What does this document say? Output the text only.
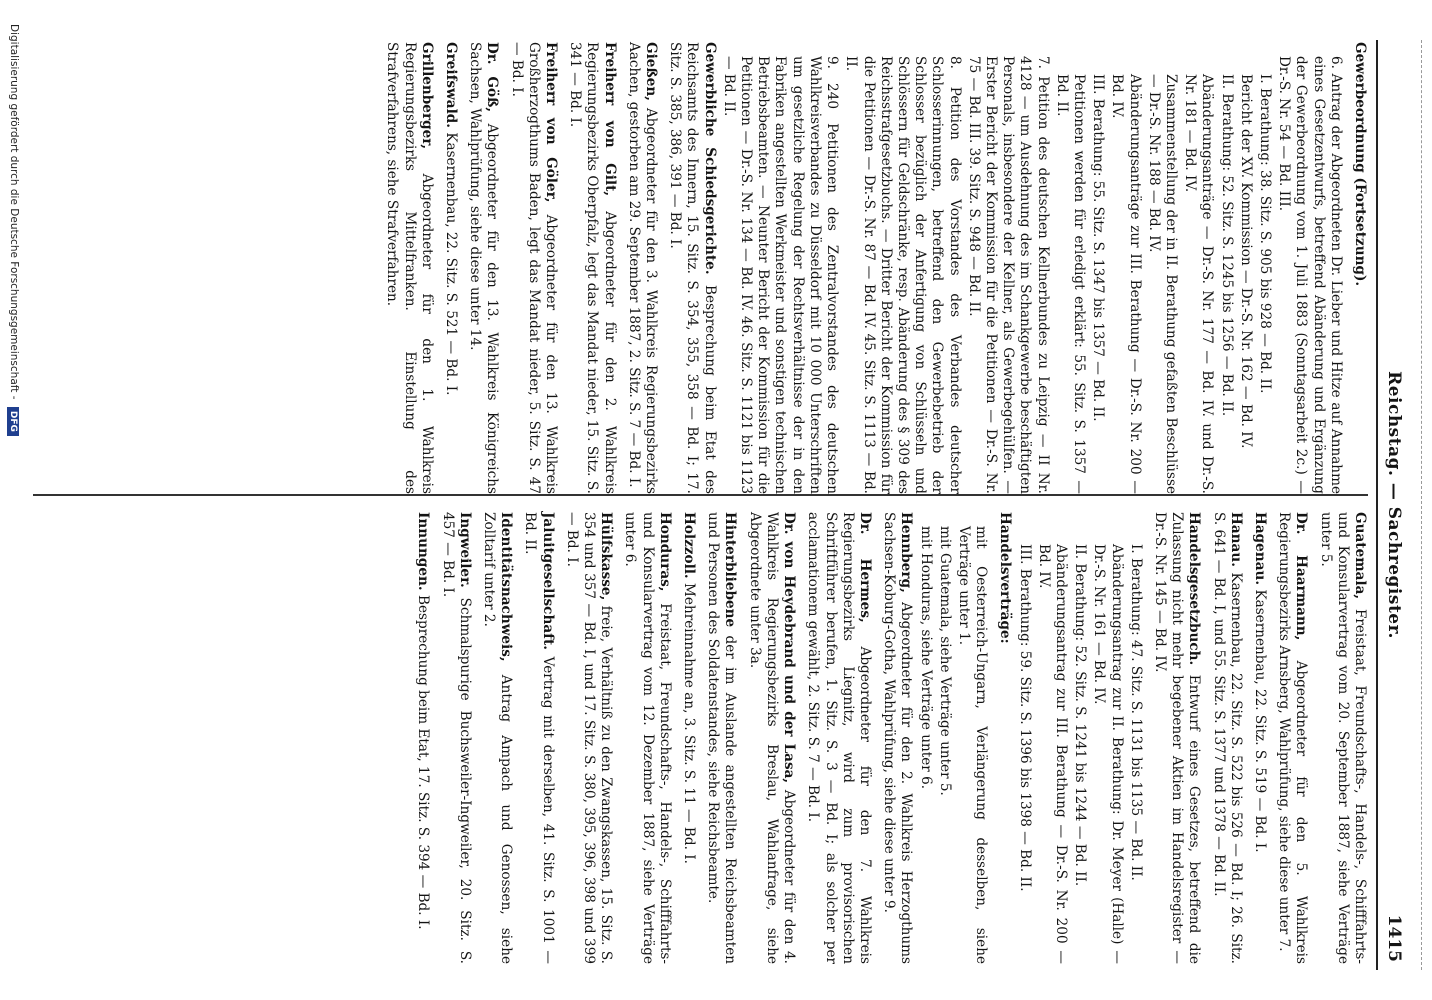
Reichstag. — Sachregister.
1415
Gewerbeordnung (Fortsetzung).
6. Antrag der Abgeordneten Dr. Lieber und Hitze auf Annahme eines Gesetzentwurfs, betreffend Abänderung und Ergänzung der Gewerbeordnung vom 1. Juli 1883 (Sonntagsarbeit 2c.) — Dr.-S. Nr. 54 — Bd. III.
I. Berathung: 38. Sitz. S. 905 bis 928 — Bd. II.
Bericht der XV. Kommission — Dr.-S. Nr. 162 — Bd. IV.
II. Berathung: 52. Sitz. S. 1245 bis 1256 — Bd. II.
Abänderungsanträge — Dr.-S. Nr. 177 — Bd. IV. und Dr.-S. Nr. 181 — Bd. IV.
Zusammenstellung der in II. Berathung gefaßten Beschlüsse — Dr.-S. Nr. 188 — Bd. IV.
Abänderungsanträge zur III. Berathung — Dr.-S. Nr. 200 — Bd. IV.
III. Berathung: 55. Sitz. S. 1347 bis 1357 — Bd. II.
Petitionen werden für erledigt erklärt: 55. Sitz. S. 1357 — Bd. II.
7. Petition des deutschen Kellnerbundes zu Leipzig — II Nr. 4128 — um Ausdehnung des im Schankgewerbe beschäftigten Personals, insbesondere der Kellner, als Gewerbegehülfen. — Erster Bericht der Kommission für die Petitionen — Dr.-S. Nr. 75 — Bd. III. 39. Sitz. S. 948 — Bd. II.
8. Petition des Vorstandes des Verbandes deutscher Schlosserinnungen, betreffend den Gewerbebetrieb der Schlosser bezüglich der Anfertigung von Schlüsseln und Schlössern für Geldschränke, resp. Abänderung des § 309 des Reichsstrafgesetzbuchs. — Dritter Bericht der Kommission für die Petitionen — Dr.-S. Nr. 87 — Bd. IV. 45. Sitz. S. 1113 — Bd. II.
9. 240 Petitionen des Zentralvorstandes des deutschen Wahlkreisverbandes zu Düsseldorf mit 10 000 Unterschriften um gesetzliche Regelung der Rechtsverhältnisse der in den Fabriken angestellten Werkmeister und sonstigen technischen Betriebsbeamten. — Neunter Bericht der Kommission für die Petitionen — Dr.-S. Nr. 134 — Bd. IV. 46. Sitz. S. 1121 bis 1123 — Bd. II.
Gewerbliche Schiedsgerichte. Besprechung beim Etat des Reichsamts des Innern, 15. Sitz. S. 354, 355, 358 — Bd. I; 17. Sitz. S. 385, 386, 391 — Bd. I.
Gießen, Abgeordneter für den 3. Wahlkreis Regierungsbezirks Aachen, gestorben am 29. September 1887, 2. Sitz. S. 7 — Bd. I.
Freiherr von Gilt, Abgeordneter für den 2. Wahlkreis Regierungsbezirks Oberpfalz, legt das Mandat nieder, 15. Sitz. S. 341 — Bd. I.
Freiherr von Göler, Abgeordneter für den 13. Wahlkreis Großherzogthums Baden, legt das Mandat nieder, 5. Sitz. S. 47 — Bd. I.
Dr. Göß, Abgeordneter für den 13. Wahlkreis Königreichs Sachsen, Wahlprüfung, siehe diese unter 14.
Greifswald. Kasernenbau, 22. Sitz. S. 521 — Bd. I.
Grillenberger, Abgeordneter für den 1. Wahlkreis Regierungsbezirks Mittelfranken. Einstellung des Strafverfahrens, siehe Strafverfahren.
Guatemala, Freistaat, Freundschafts-, Handels-, Schifffahrts- und Konsularvertrag vom 20. September 1887, siehe Verträge unter 5.
Dr. Haarmann, Abgeordneter für den 5. Wahlkreis Regierungsbezirks Arnsberg, Wahlprüfung, siehe diese unter 7.
Hagenau. Kasernenbau, 22. Sitz. S. 519 — Bd. I.
Hanau. Kasernenbau, 22. Sitz. S. 522 bis 526 — Bd. I; 26. Sitz. S. 641 — Bd. I, und 55. Sitz. S. 1377 und 1378 — Bd. II.
Handelsgesetzbuch. Entwurf eines Gesetzes, betreffend die Zulassung nicht mehr begebener Aktien im Handelsregister — Dr.-S. Nr. 145 — Bd. IV.
I. Berathung: 47. Sitz. S. 1131 bis 1135 — Bd. II.
Abänderungsantrag zur II. Berathung: Dr. Meyer (Halle) — Dr.-S. Nr. 161 — Bd. IV.
II. Berathung: 52. Sitz. S. 1241 bis 1244 — Bd. II.
Abänderungsantrag zur III. Berathung — Dr.-S. Nr. 200 — Bd. IV.
III. Berathung: 59. Sitz. S. 1396 bis 1398 — Bd. II.
Handelsverträge:
mit Oesterreich-Ungarn, Verlängerung desselben, siehe Verträge unter 1.
mit Guatemala, siehe Verträge unter 5.
mit Honduras, siehe Verträge unter 6.
Hennberg, Abgeordneter für den 2. Wahlkreis Herzogthums Sachsen-Koburg-Gotha, Wahlprüfung, siehe diese unter 9.
Dr. Hermes, Abgeordneter für den 7. Wahlkreis Regierungsbezirks Liegnitz, wird zum provisorischen Schriftführer berufen, 1. Sitz. S. 3 — Bd. I; als solcher per acclamationem gewählt, 2. Sitz. S. 7 — Bd. I.
Dr. von Heydebrand und der Lasa, Abgeordneter für den 4. Wahlkreis Regierungsbezirks Breslau, Wahlanfrage, siehe Abgeordnete unter 3a.
Hinterbliebene der im Auslande angestellten Reichsbeamten und Personen des Soldatenstandes, siehe Reichsbeamte.
Holzzoll. Mehreinnahme an, 3. Sitz. S. 11 — Bd. I.
Honduras, Freistaat, Freundschafts-, Handels-, Schifffahrts- und Konsularvertrag vom 12. Dezember 1887, siehe Verträge unter 6.
Hülfskasse, freie, Verhältniß zu den Zwangskassen, 15. Sitz. S. 354 und 357 — Bd. I, und 17. Sitz. S. 380, 395, 396, 398 und 399 — Bd. I.
Jaluitgesellschaft. Vertrag mit derselben, 41. Sitz. S. 1001 — Bd. II.
Identitätsnachweis, Antrag Ampach und Genossen, siehe Zolltarif unter 2.
Ingweiler. Schmalspurige Buchsweiler-Ingweiler, 20. Sitz. S. 457 — Bd. I.
Innungen. Besprechung beim Etat, 17. Sitz. S. 394 — Bd. I.
Digitalisierung gefördert durch die Deutsche Forschungsgemeinschaft - DFG
